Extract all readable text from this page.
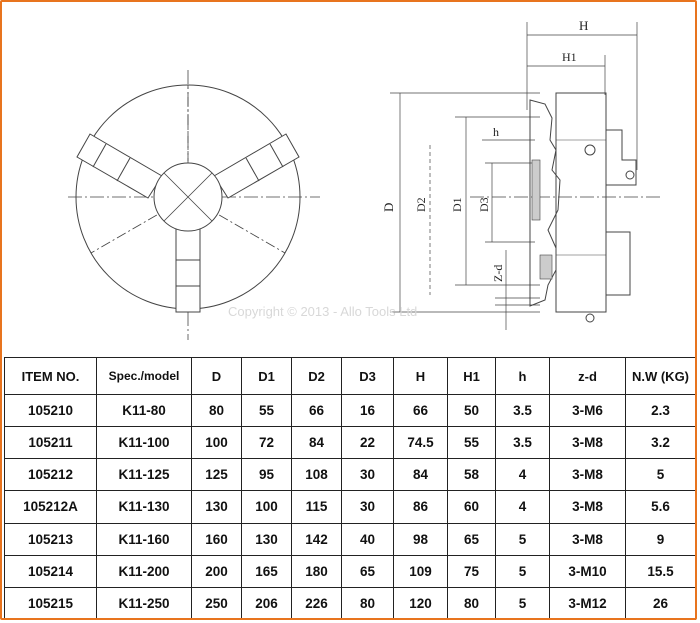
H
H1
h
D D2 D1 D3
Z-d
Copyright © 2013 - Allo Tools Ltd
ITEM NO.	Spec./model	D	D1	D2	D3	H	H1	h	z-d	N.W (KG)
105210	K11-80	80	55	66	16	66	50	3.5	3-M6	2.3
105211	K11-100	100	72	84	22	74.5	55	3.5	3-M8	3.2
105212	K11-125	125	95	108	30	84	58	4	3-M8	5
105212A	K11-130	130	100	115	30	86	60	4	3-M8	5.6
105213	K11-160	160	130	142	40	98	65	5	3-M8	9
105214	K11-200	200	165	180	65	109	75	5	3-M10	15.5
105215	K11-250	250	206	226	80	120	80	5	3-M12	26
